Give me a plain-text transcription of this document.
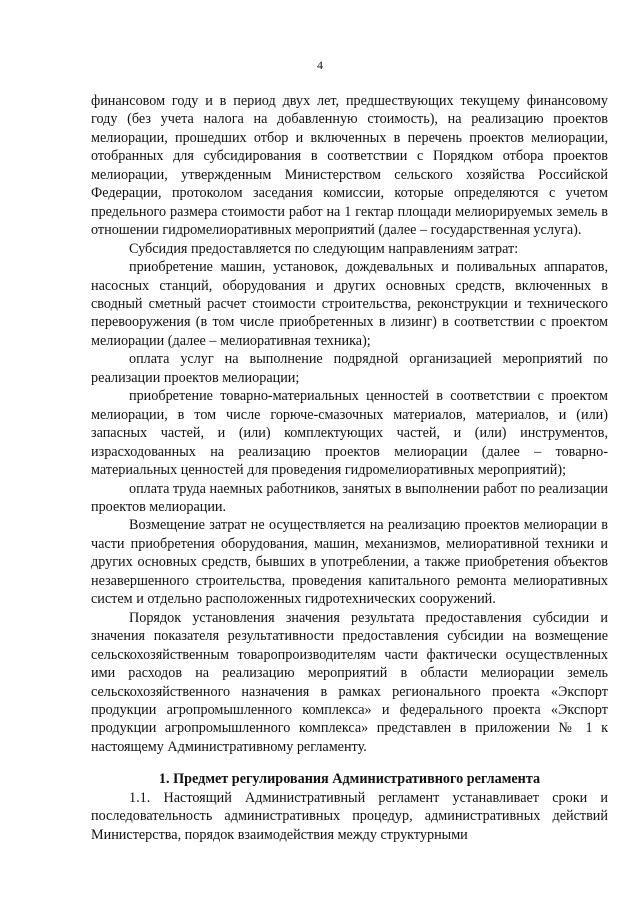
4

финансовом году и в период двух лет, предшествующих текущему финансовому году (без учета налога на добавленную стоимость), на реализацию проектов мелиорации, прошедших отбор и включенных в перечень проектов мелиорации, отобранных для субсидирования в соответствии с Порядком отбора проектов мелиорации, утвержденным Министерством сельского хозяйства Российской Федерации, протоколом заседания комиссии, которые определяются с учетом предельного размера стоимости работ на 1 гектар площади мелиорируемых земель в отношении гидромелиоративных мероприятий (далее – государственная услуга).

Субсидия предоставляется по следующим направлениям затрат:

приобретение машин, установок, дождевальных и поливальных аппаратов, насосных станций, оборудования и других основных средств, включенных в сводный сметный расчет стоимости строительства, реконструкции и технического перевооружения (в том числе приобретенных в лизинг) в соответствии с проектом мелиорации (далее – мелиоративная техника);

оплата услуг на выполнение подрядной организацией мероприятий по реализации проектов мелиорации;

приобретение товарно-материальных ценностей в соответствии с проектом мелиорации, в том числе горюче-смазочных материалов, материалов, и (или) запасных частей, и (или) комплектующих частей, и (или) инструментов, израсходованных на реализацию проектов мелиорации (далее – товарно-материальных ценностей для проведения гидромелиоративных мероприятий);

оплата труда наемных работников, занятых в выполнении работ по реализации проектов мелиорации.

Возмещение затрат не осуществляется на реализацию проектов мелиорации в части приобретения оборудования, машин, механизмов, мелиоративной техники и других основных средств, бывших в употреблении, а также приобретения объектов незавершенного строительства, проведения капитального ремонта мелиоративных систем и отдельно расположенных гидротехнических сооружений.

Порядок установления значения результата предоставления субсидии и значения показателя результативности предоставления субсидии на возмещение сельскохозяйственным товаропроизводителям части фактически осуществленных ими расходов на реализацию мероприятий в области мелиорации земель сельскохозяйственного назначения в рамках регионального проекта «Экспорт продукции агропромышленного комплекса» и федерального проекта «Экспорт продукции агропромышленного комплекса» представлен в приложении № 1 к настоящему Административному регламенту.

1. Предмет регулирования Административного регламента

1.1. Настоящий Административный регламент устанавливает сроки и последовательность административных процедур, административных действий Министерства, порядок взаимодействия между структурными
